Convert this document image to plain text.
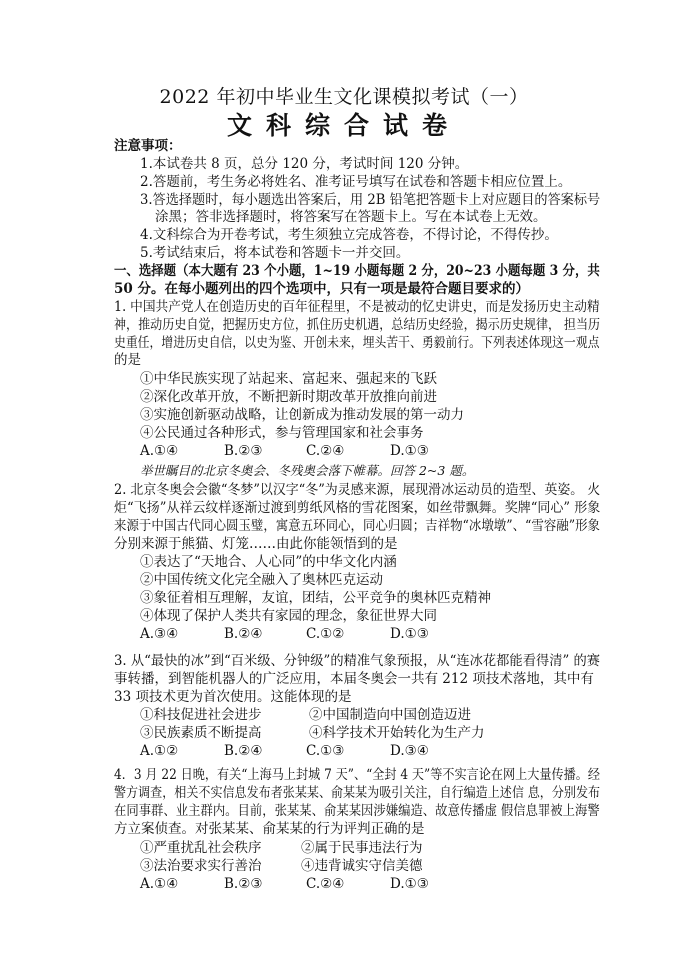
2022 年初中毕业生文化课模拟考试（一）
文科综合试卷
注意事项：
1.本试卷共 8 页，总分 120 分，考试时间 120 分钟。
2.答题前，考生务必将姓名、准考证号填写在试卷和答题卡相应位置上。
3.答选择题时，每小题选出答案后，用 2B 铅笔把答题卡上对应题目的答案标号
涂黑；答非选择题时，将答案写在答题卡上。写在本试卷上无效。
4.文科综合为开卷考试，考生须独立完成答卷，不得讨论，不得传抄。
5.考试结束后，将本试卷和答题卡一并交回。
一、选择题（本大题有 23 个小题，1~19 小题每题 2 分，20~23 小题每题 3 分，共
50 分。在每小题列出的四个选项中，只有一项是最符合题目要求的）
1. 中国共产党人在创造历史的百年征程里，不是被动的忆史讲史，而是发扬历史主动精
神，推动历史自觉，把握历史方位，抓住历史机遇，总结历史经验，揭示历史规律， 担当历
史重任，增进历史自信，以史为鉴、开创未来，埋头苦干、勇毅前行。下列表述体现这一观点
的是
①中华民族实现了站起来、富起来、强起来的飞跃
②深化改革开放，不断把新时期改革开放推向前进
③实施创新驱动战略，让创新成为推动发展的第一动力
④公民通过各种形式，参与管理国家和社会事务
A.①④	B.②③	C.②④	D.①③
举世瞩目的北京冬奥会、冬残奥会落下帷幕。回答 2~3 题。
2. 北京冬奥会会徽“冬梦”以汉字“冬”为灵感来源，展现滑冰运动员的造型、英姿。 火
炬“飞扬”从祥云纹样逐渐过渡到剪纸风格的雪花图案，如丝带飘舞。奖牌“同心” 形象
来源于中国古代同心圆玉璧，寓意五环同心，同心归圆；吉祥物“冰墩墩”、“雪容融”形象
分别来源于熊猫、灯笼……由此你能领悟到的是
①表达了“天地合、人心同”的中华文化内涵
②中国传统文化完全融入了奥林匹克运动
③象征着相互理解，友谊，团结，公平竞争的奥林匹克精神
④体现了保护人类共有家园的理念，象征世界大同
A.③④	B.②④	C.①②	D.①③
3. 从“最快的冰”到“百米级、分钟级”的精准气象预报，从“连冰花都能看得清” 的赛
事转播，到智能机器人的广泛应用，本届冬奥会一共有 212 项技术落地，其中有
33 项技术更为首次使用。这能体现的是
①科技促进社会进步	②中国制造向中国创造迈进
③民族素质不断提高	④科学技术开始转化为生产力
A.①②	B.②④	C.①③	D.③④
4．3 月 22 日晚，有关“上海马上封城 7 天”、“全封 4 天”等不实言论在网上大量传播。经
警方调查，相关不实信息发布者张某某、俞某某为吸引关注，自行编造上述信 息，分别发布
在同事群、业主群内。目前，张某某、俞某某因涉嫌编造、故意传播虚 假信息罪被上海警
方立案侦查。对张某某、俞某某的行为评判正确的是
①严重扰乱社会秩序	②属于民事违法行为
③法治要求实行善治	④违背诚实守信美德
A.①④	B.②③	C.②④	D.①③
